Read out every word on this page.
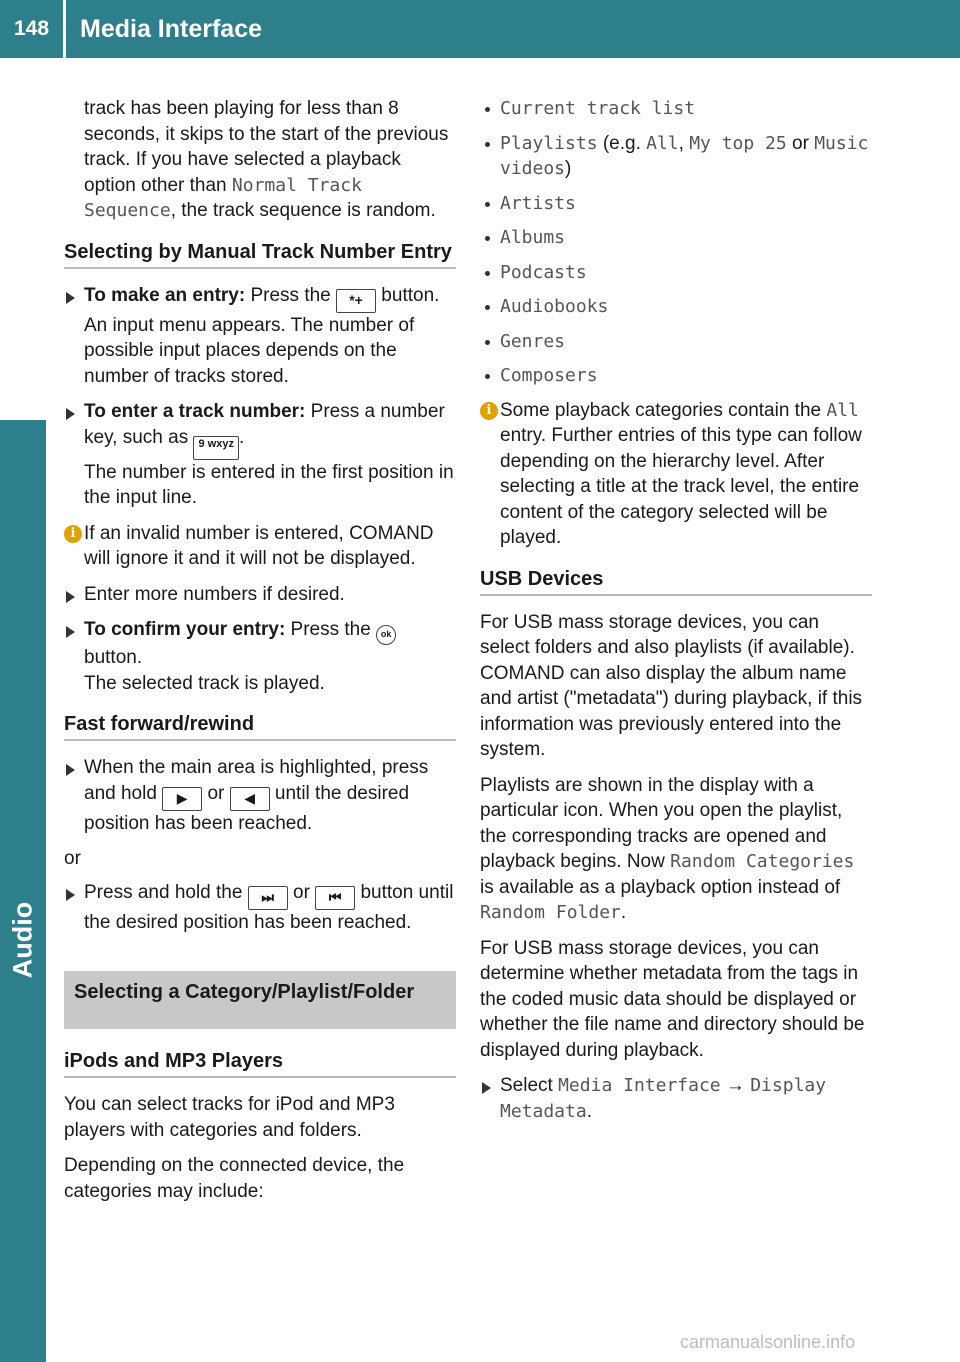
148	Media Interface
Audio

track has been playing for less than 8 seconds, it skips to the start of the previous track. If you have selected a playback option other than Normal Track Sequence, the track sequence is random.

Selecting by Manual Track Number Entry
To make an entry: Press the *+ button. An input menu appears. The number of possible input places depends on the number of tracks stored.
To enter a track number: Press a number key, such as 9 wxyz .
The number is entered in the first position in the input line.
i If an invalid number is entered, COMAND will ignore it and it will not be displayed.
Enter more numbers if desired.
To confirm your entry: Press the ok button.
The selected track is played.
Fast forward/rewind
When the main area is highlighted, press and hold ▶ or ◀ until the desired position has been reached.
or
Press and hold the ⏭ or ⏮ button until the desired position has been reached.
Selecting a Category/Playlist/Folder
iPods and MP3 Players

You can select tracks for iPod and MP3 players with categories and folders.

Depending on the connected device, the categories may include:

Current track list
Playlists (e.g. All, My top 25 or Music videos)
Artists
Albums
Podcasts
Audiobooks
Genres
Composers
i Some playback categories contain the All entry. Further entries of this type can follow depending on the hierarchy level. After selecting a title at the track level, the entire content of the category selected will be played.
USB Devices

For USB mass storage devices, you can select folders and also playlists (if available). COMAND can also display the album name and artist ("metadata") during playback, if this information was previously entered into the system.

Playlists are shown in the display with a particular icon. When you open the playlist, the corresponding tracks are opened and playback begins. Now Random Categories is available as a playback option instead of Random Folder.

For USB mass storage devices, you can determine whether metadata from the tags in the coded music data should be displayed or whether the file name and directory should be displayed during playback.

Select Media Interface → Display Metadata.
carmanualsonline.info
